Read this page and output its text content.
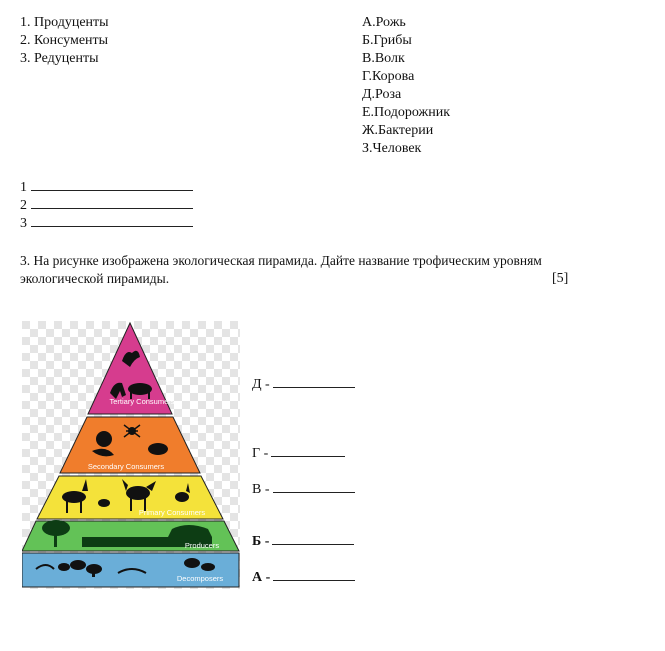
1. Продуценты
2. Консументы
3. Редуценты
А.Рожь
Б.Грибы
В.Волк
Г.Корова
Д.Роза
Е.Подорожник
Ж.Бактерии
З.Человек
1
2
3
3. На рисунке изображена экологическая пирамида. Дайте название трофическим уровням
экологической пирамиды.	[5]
Tertiary Consumers
Secondary Consumers
Primary Consumers
Producers
Decomposers
Д -
Г -
В -
Б -
А -
